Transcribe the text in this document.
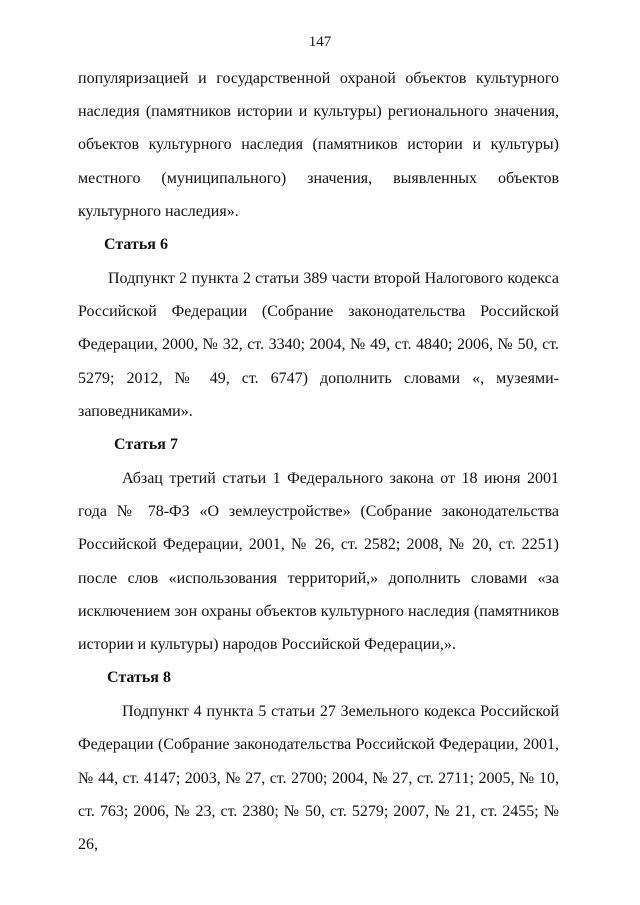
147

популяризацией и государственной охраной объектов культурного наследия (памятников истории и культуры) регионального значения, объектов культурного наследия (памятников истории и культуры) местного (муниципального) значения, выявленных объектов культурного наследия».

Статья 6

Подпункт 2 пункта 2 статьи 389 части второй Налогового кодекса Российской Федерации (Собрание законодательства Российской Федерации, 2000, № 32, ст. 3340; 2004, № 49, ст. 4840; 2006, № 50, ст. 5279; 2012, № 49, ст. 6747) дополнить словами «, музеями-заповедниками».

Статья 7

Абзац третий статьи 1 Федерального закона от 18 июня 2001 года № 78-ФЗ «О землеустройстве» (Собрание законодательства Российской Федерации, 2001, № 26, ст. 2582; 2008, № 20, ст. 2251) после слов «использования территорий,» дополнить словами «за исключением зон охраны объектов культурного наследия (памятников истории и культуры) народов Российской Федерации,».

Статья 8

Подпункт 4 пункта 5 статьи 27 Земельного кодекса Российской Федерации (Собрание законодательства Российской Федерации, 2001, № 44, ст. 4147; 2003, № 27, ст. 2700; 2004, № 27, ст. 2711; 2005, № 10, ст. 763; 2006, № 23, ст. 2380; № 50, ст. 5279; 2007, № 21, ст. 2455; № 26,
